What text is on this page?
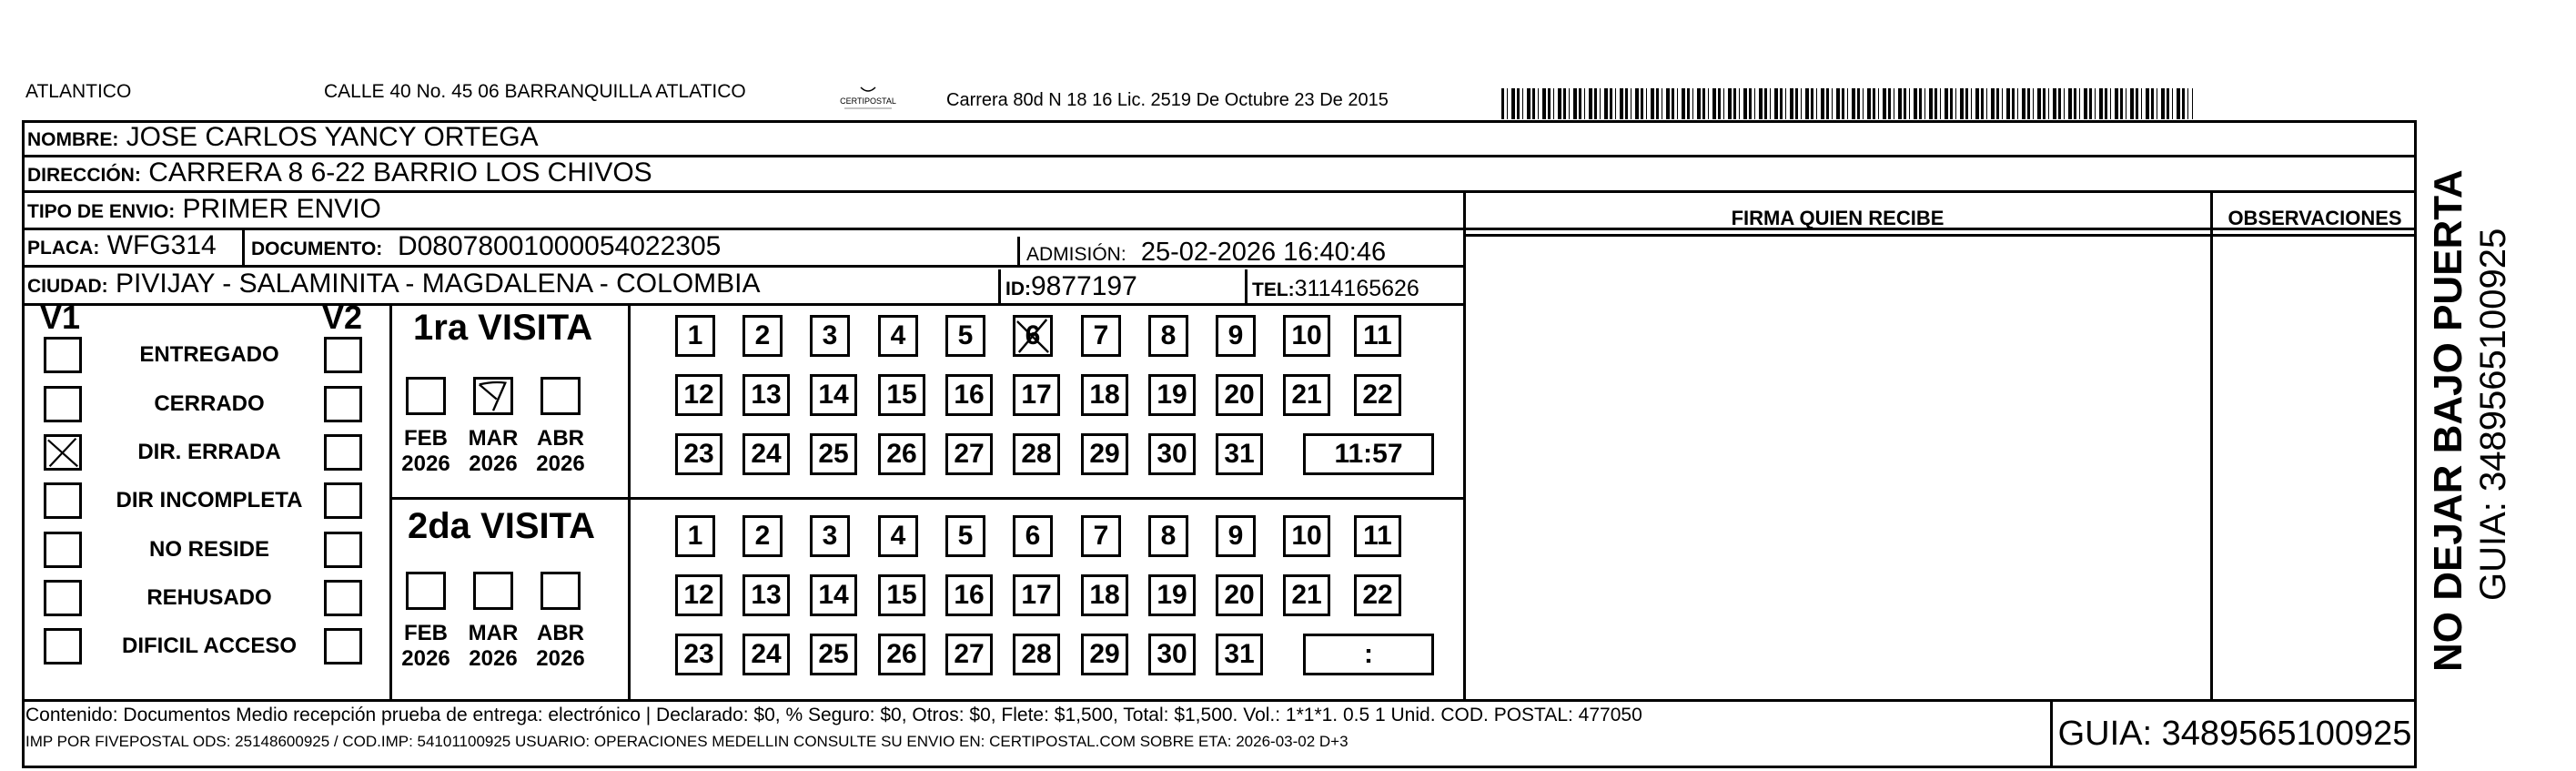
ATLANTICO	CALLE 40 No. 45 06 BARRANQUILLA ATLATICO	CERTIPOSTAL	Carrera 80d N 18 16 Lic. 2519 De Octubre 23 De 2015
NOMBRE: JOSE CARLOS YANCY ORTEGA
DIRECCIÓN: CARRERA 8 6-22 BARRIO LOS CHIVOS
TIPO DE ENVIO: PRIMER ENVIO
PLACA: WFG314 DOCUMENTO: D08078001000054022305	ADMISIÓN: 25-02-2026 16:40:46
CIUDAD: PIVIJAY - SALAMINITA - MAGDALENA - COLOMBIA	ID:9877197	TEL:3114165626
FIRMA QUIEN RECIBE	OBSERVACIONES
V1	V2
ENTREGADO
CERRADO
DIR. ERRADA
DIR INCOMPLETA
NO RESIDE
REHUSADO
DIFICIL ACCESO
1ra VISITA
2da VISITA
FEB
2026
MAR
2026
ABR
2026
FEB
2026
MAR
2026
ABR
2026
1	2	3	4	5	6	7	8	9	10	11
12	13	14	15	16	17	18	19	20	21	22
23	24	25	26	27	28	29	30	31	11:57
1	2	3	4	5	6	7	8	9	10	11
12	13	14	15	16	17	18	19	20	21	22
23	24	25	26	27	28	29	30	31	:
Contenido: Documentos Medio recepción prueba de entrega: electrónico | Declarado: $0, % Seguro: $0, Otros: $0, Flete: $1,500, Total: $1,500. Vol.: 1*1*1. 0.5 1 Unid. COD. POSTAL: 477050
IMP POR FIVEPOSTAL ODS: 25148600925 / COD.IMP: 54101100925 USUARIO: OPERACIONES MEDELLIN CONSULTE SU ENVIO EN: CERTIPOSTAL.COM SOBRE ETA: 2026-03-02 D+3	GUIA: 3489565100925
NO DEJAR BAJO PUERTA GUIA: 3489565100925
